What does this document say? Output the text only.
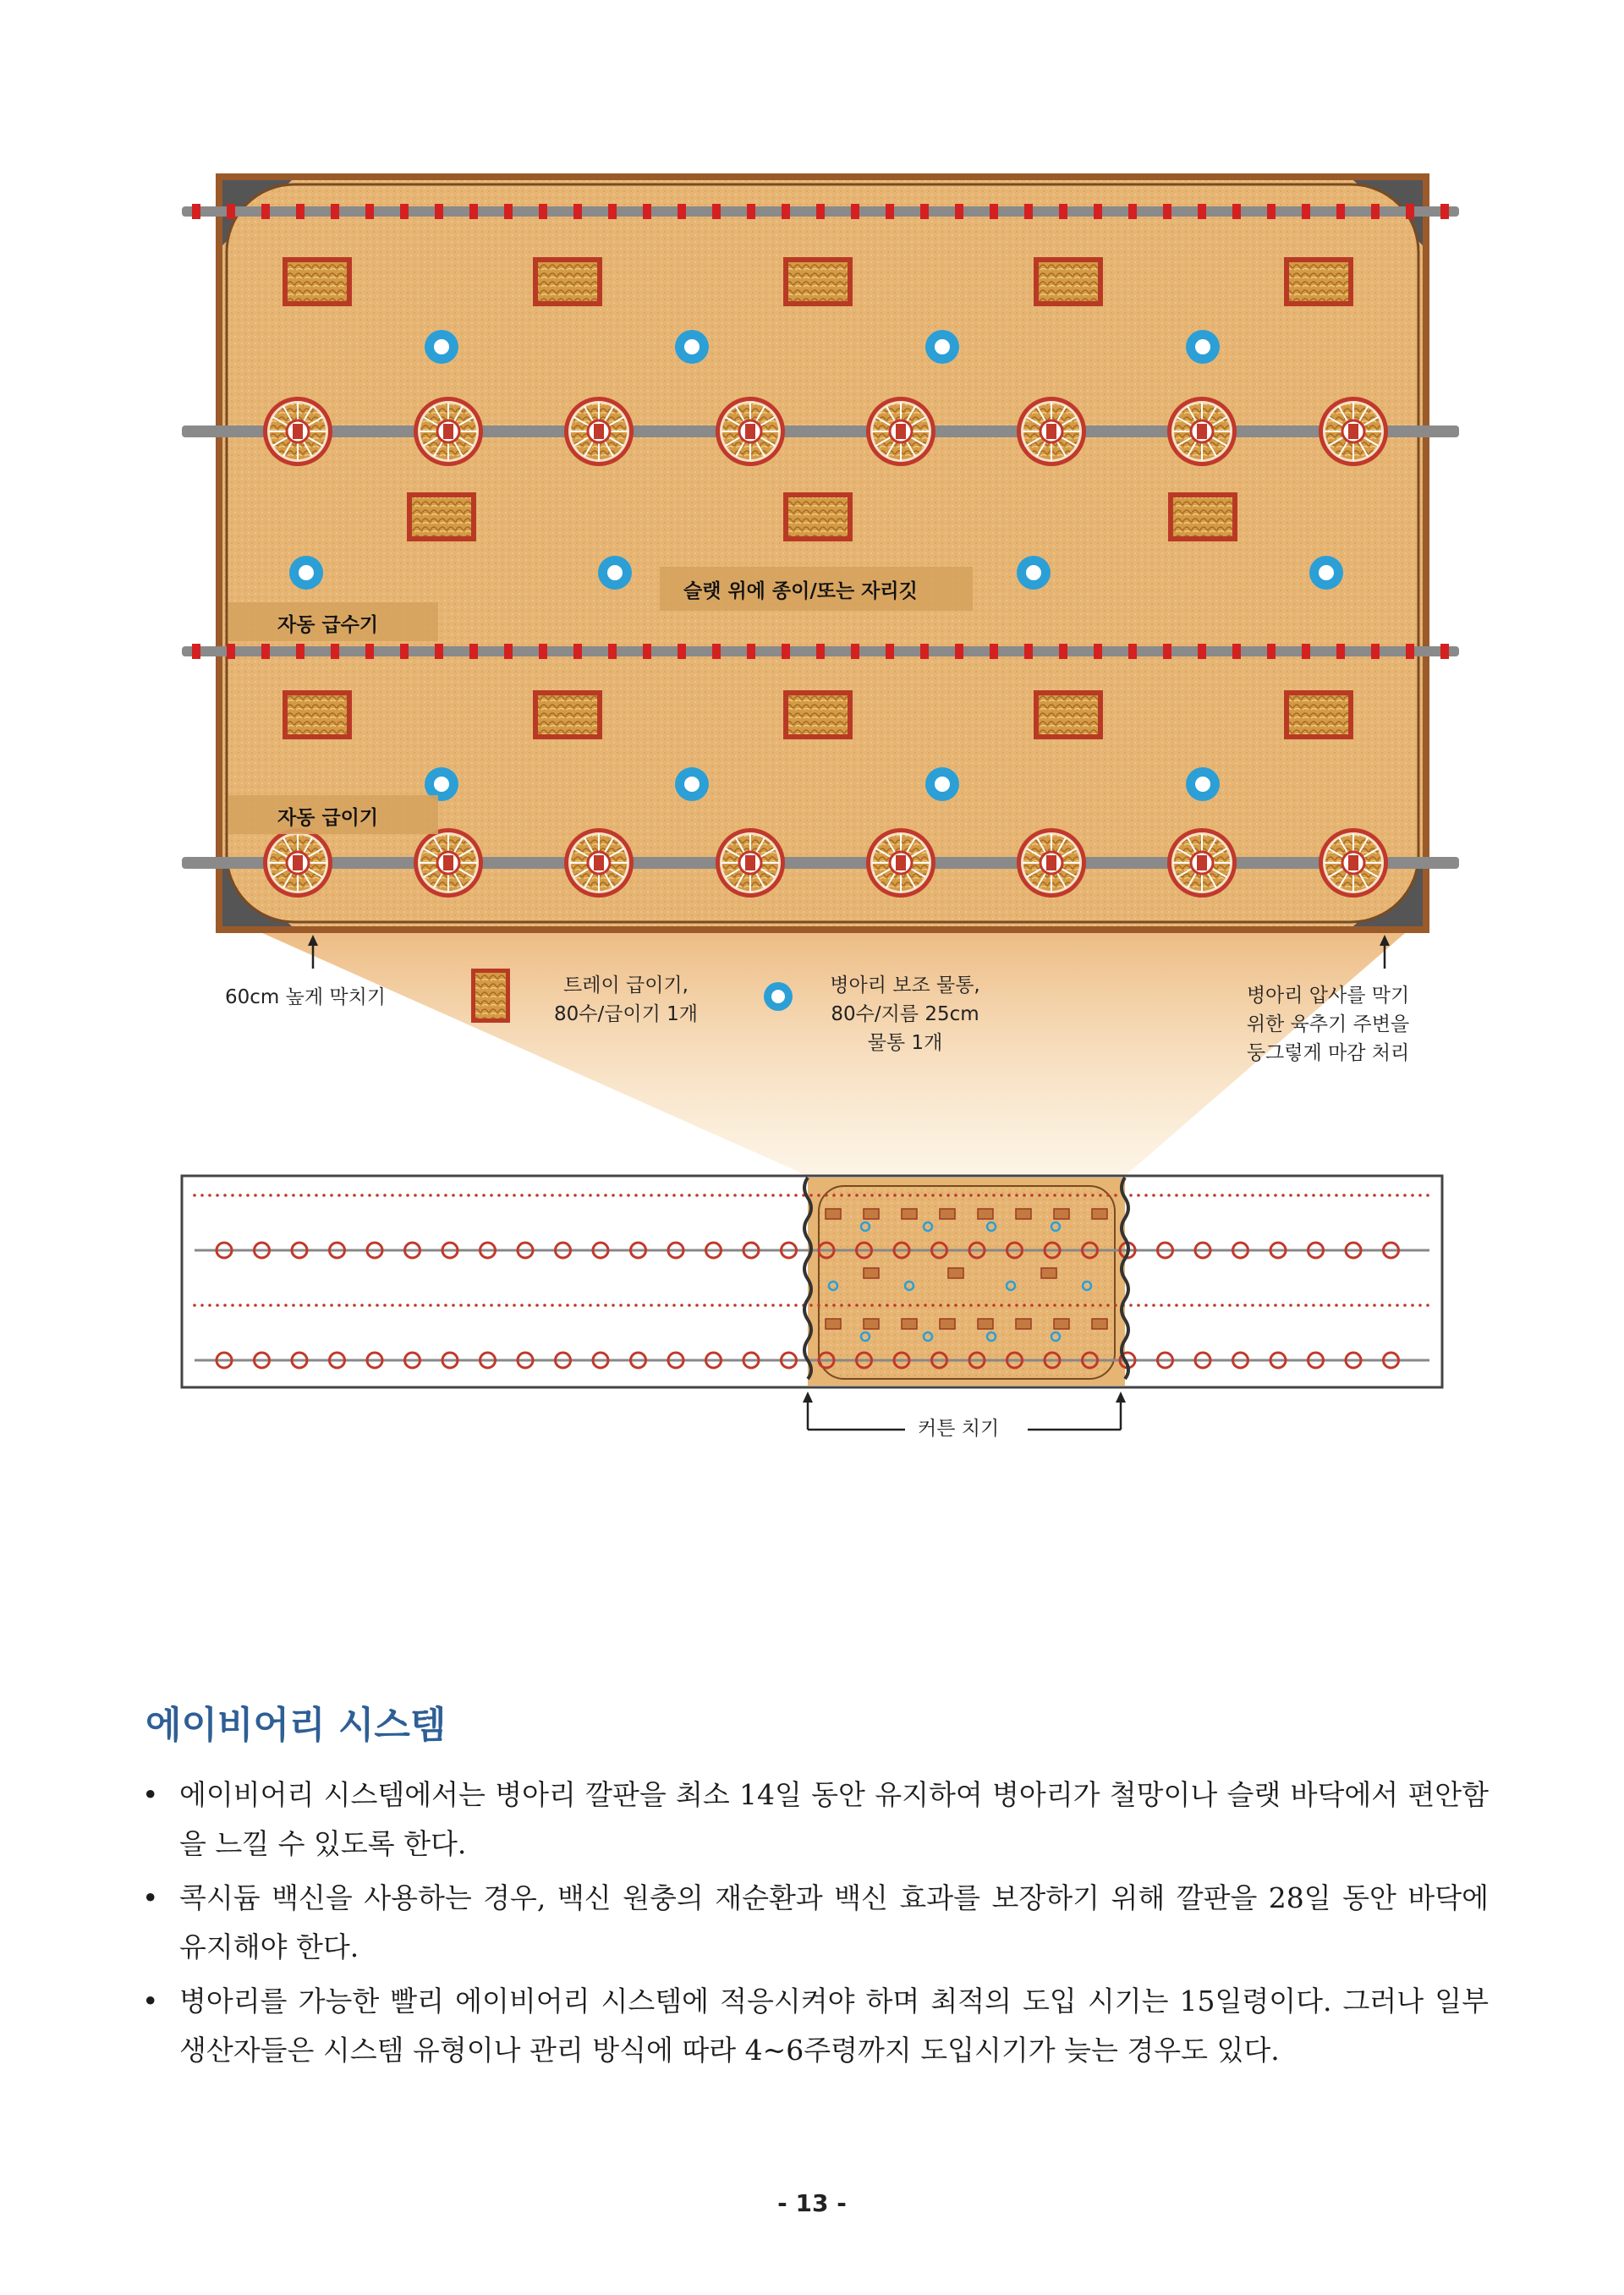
자동 급수기
자동 급이기
슬랫 위에 종이/또는 자리깃
60cm 높게 막치기
트레이 급이기,
80수/급이기 1개
병아리 보조 물통,
80수/지름 25cm
물통 1개
병아리 압사를 막기
위한 육추기 주변을
둥그렇게 마감 처리
커튼 치기
에이비어리 시스템
• 에이비어리 시스템에서는 병아리 깔판을 최소 14일 동안 유지하여 병아리가 철망이나 슬랫 바닥에서 편안함을 느낄 수 있도록 한다.
• 콕시듐 백신을 사용하는 경우, 백신 원충의 재순환과 백신 효과를 보장하기 위해 깔판을 28일 동안 바닥에 유지해야 한다.
• 병아리를 가능한 빨리 에이비어리 시스템에 적응시켜야 하며 최적의 도입 시기는 15일령이다. 그러나 일부 생산자들은 시스템 유형이나 관리 방식에 따라 4~6주령까지 도입시기가 늦는 경우도 있다.
- 13 -
